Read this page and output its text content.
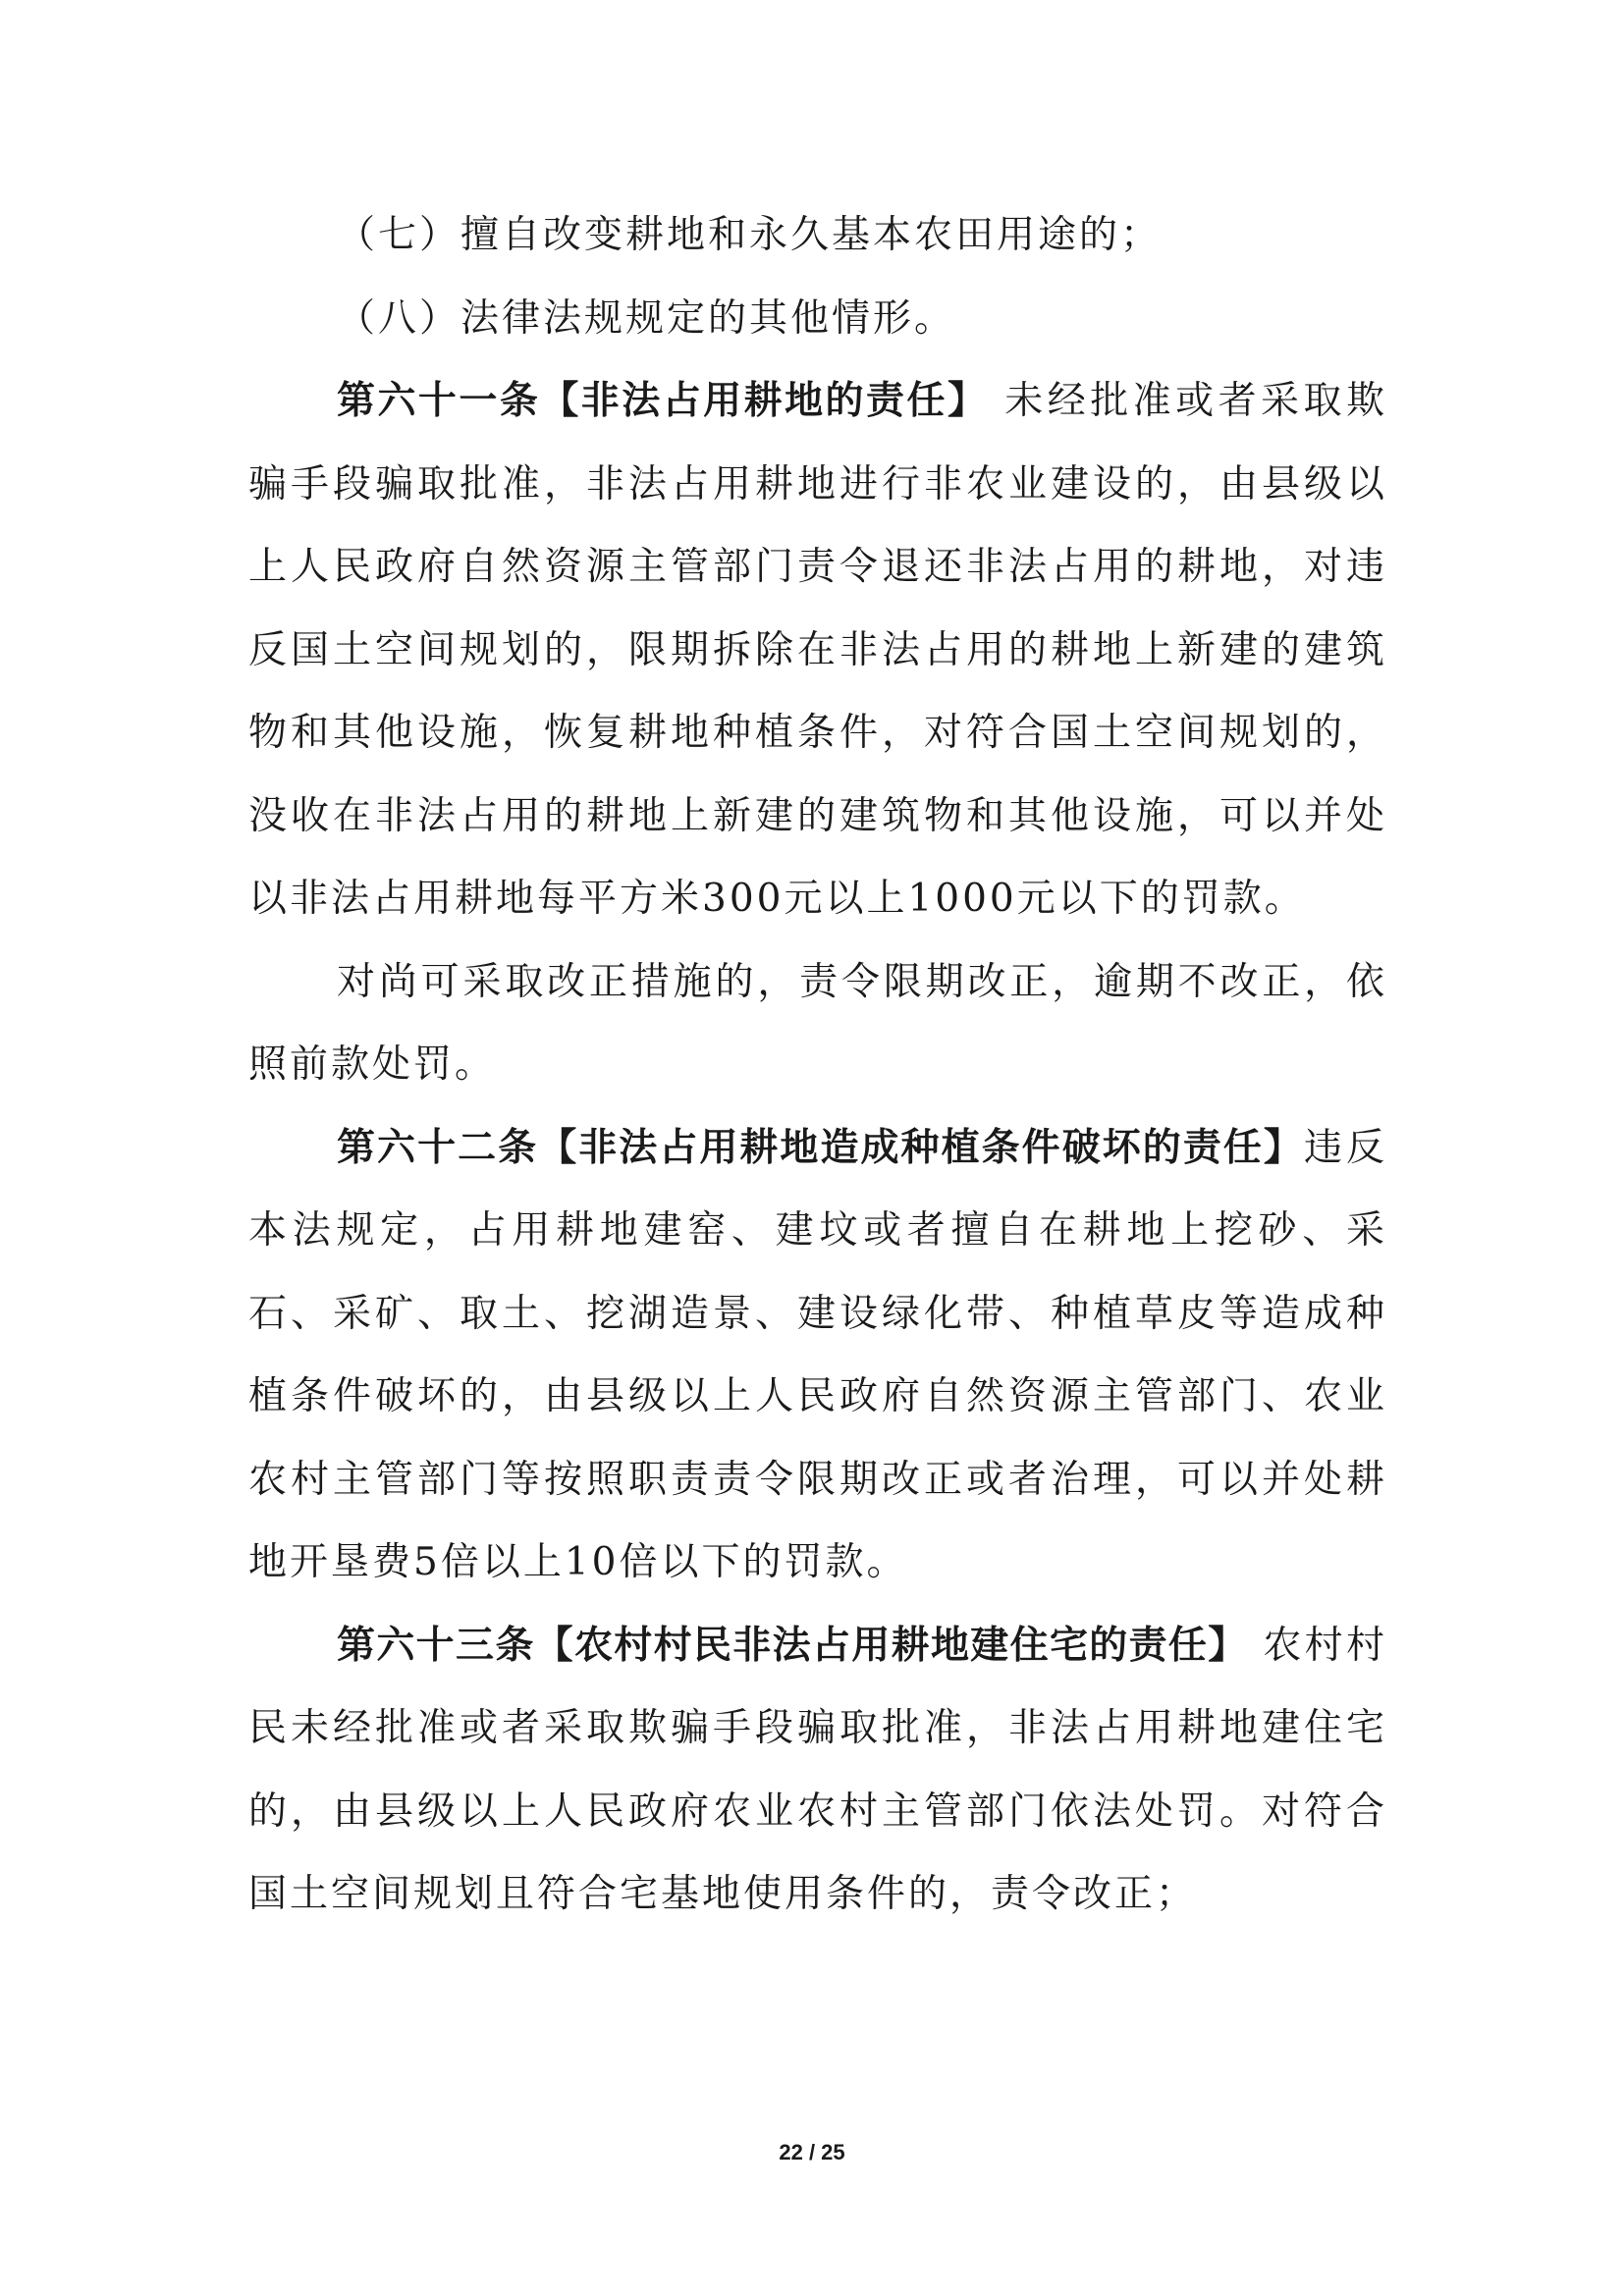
（七）擅自改变耕地和永久基本农田用途的；

（八）法律法规规定的其他情形。

第六十一条【非法占用耕地的责任】 未经批准或者采取欺骗手段骗取批准，非法占用耕地进行非农业建设的，由县级以上人民政府自然资源主管部门责令退还非法占用的耕地，对违反国土空间规划的，限期拆除在非法占用的耕地上新建的建筑物和其他设施，恢复耕地种植条件，对符合国土空间规划的，没收在非法占用的耕地上新建的建筑物和其他设施，可以并处以非法占用耕地每平方米300元以上1000元以下的罚款。

对尚可采取改正措施的，责令限期改正，逾期不改正，依照前款处罚。

第六十二条【非法占用耕地造成种植条件破坏的责任】违反本法规定，占用耕地建窑、建坟或者擅自在耕地上挖砂、采石、采矿、取土、挖湖造景、建设绿化带、种植草皮等造成种植条件破坏的，由县级以上人民政府自然资源主管部门、农业农村主管部门等按照职责责令限期改正或者治理，可以并处耕地开垦费5倍以上10倍以下的罚款。

第六十三条【农村村民非法占用耕地建住宅的责任】 农村村民未经批准或者采取欺骗手段骗取批准，非法占用耕地建住宅的，由县级以上人民政府农业农村主管部门依法处罚。对符合国土空间规划且符合宅基地使用条件的，责令改正；

22 / 25
